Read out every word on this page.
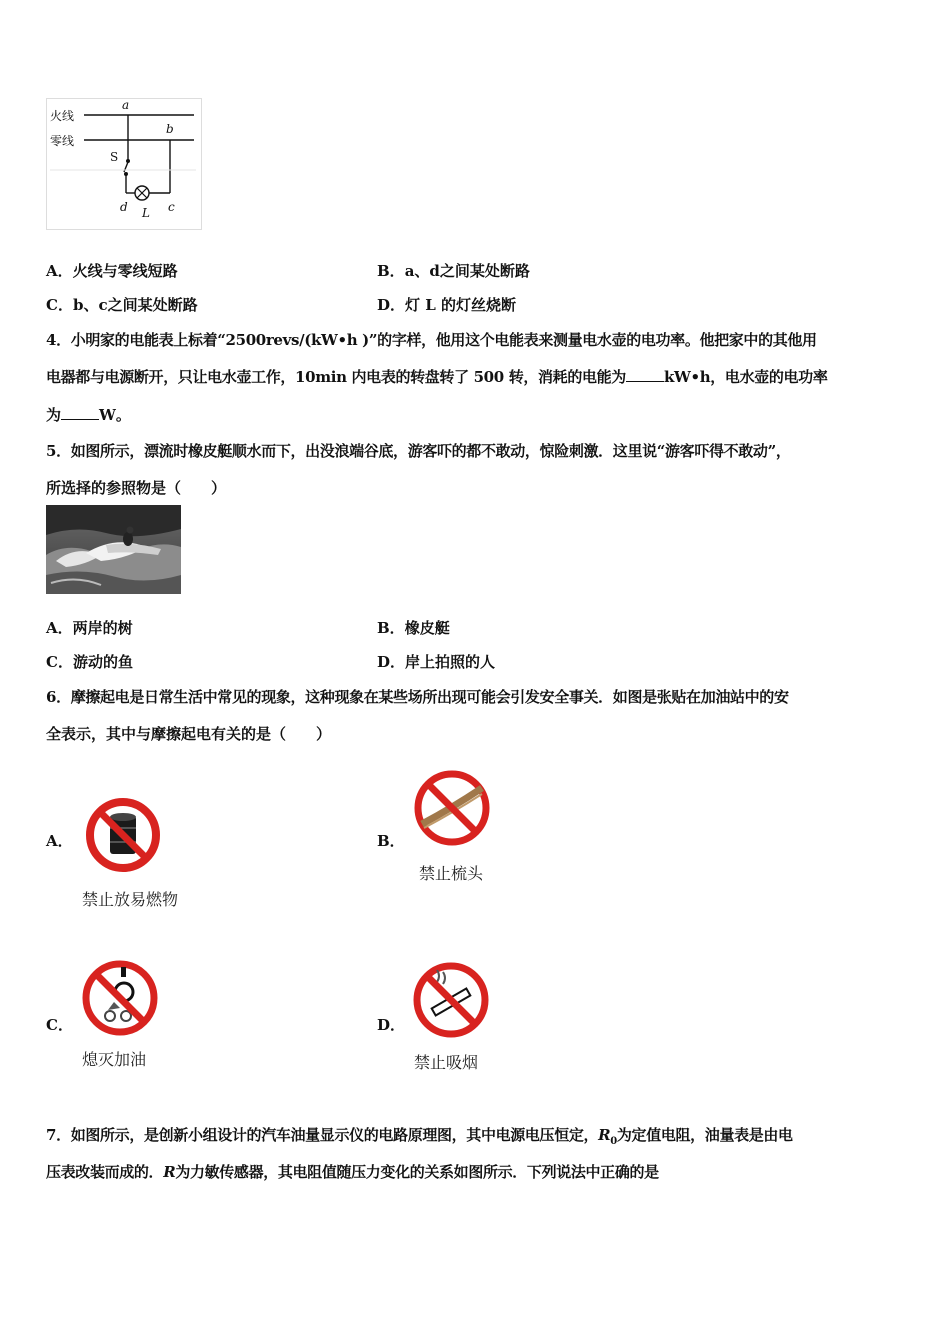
火线
零线
a
b
S
d L c
A．火线与零线短路	B．a、d之间某处断路
C．b、c之间某处断路	D．灯 L 的灯丝烧断
4．小明家的电能表上标着“2500revs/(kW•h )”的字样，他用这个电能表来测量电水壶的电功率。他把家中的其他用
电器都与电源断开，只让电水壶工作，10min 内电表的转盘转了 500 转，消耗的电能为	kW•h，电水壶的电功率
为	W。
5．如图所示，漂流时橡皮艇顺水而下，出没浪端谷底，游客吓的都不敢动，惊险刺激．这里说“游客吓得不敢动”，
所选择的参照物是（　　）
A．两岸的树	B．橡皮艇
C．游动的鱼	D．岸上拍照的人
6．摩擦起电是日常生活中常见的现象，这种现象在某些场所出现可能会引发安全事关．如图是张贴在加油站中的安
全表示，其中与摩擦起电有关的是（　　）
A．
禁止放易燃物
B．
禁止梳头
C．
熄灭加油
D．
禁止吸烟
7．如图所示，是创新小组设计的汽车油量显示仪的电路原理图，其中电源电压恒定，$R_0$为定值电阻，油量表是由电
压表改装而成的．R为力敏传感器，其电阻值随压力变化的关系如图所示．下列说法中正确的是
